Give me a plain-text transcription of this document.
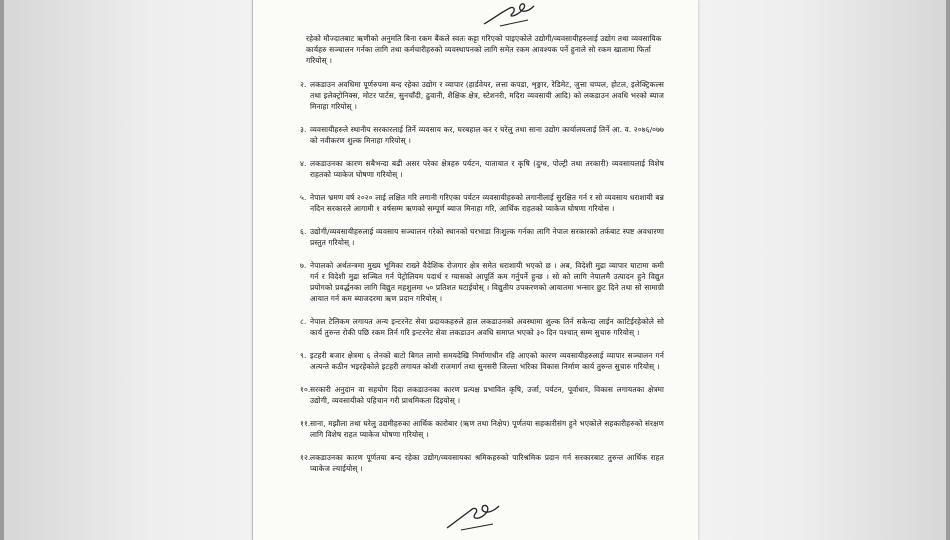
रहेको मौज्दातबाट ऋणीको अनुमति बिना रकम बैंकले स्वतः कट्टा गरिएको पाइएकोले उद्योगी/व्यवसायीहरुलाई उद्योग तथा व्यवसायिक कार्यहरु सञ्चालन गर्नका लागि तथा कर्मचारीहरुको व्यवस्थापनको लागि समेत रकम आवश्यक पर्ने हुनाले सो रकम खातामा फिर्ता गरियोस् ।
२. लकडाउन अवधिमा पूर्णरुपमा बन्द रहेका उद्योग र व्यापार (हार्डवेयर, लत्ता कपडा, शृङ्गार, रेडिमेट, जुत्ता चप्पल, होटल, इलेक्ट्रिकल्स तथा इलेक्ट्रोनिक्स, मोटर पार्टस, सुनचाँदी, ढुवानी, शैक्षिक क्षेत्र, स्टेशनरी, मदिरा व्यवसायी आदि) को लकडाउन अवधि भरको ब्याज मिनाहा गरियोस् ।
३. व्यवसायीहरुले स्थानीय सरकारलाई तिर्ने व्यवसाय कर, घरबहाल कर र घरेलु तथा साना उद्योग कार्यालयलाई तिर्ने आ. व. २०७६/०७७ को नवीकरण शुल्क मिनाहा गरियोस् ।
४. लकडाउनका कारण सबैभन्दा बढी असर परेका क्षेत्रहरु पर्यटन, यातायात र कृषि (दुग्ध, पोल्ट्री तथा तरकारी) व्यवसायलाई विशेष राहतको प्याकेज घोषणा गरियोस् ।
५. नेपाल भ्रमण वर्ष २०२० लाई लक्षित गरि लगानी गरिएका पर्यटन व्यवसायीहरुको लगानीलाई सुरक्षित गर्न र सो व्यवसाय धराशायी बन्न नदिन सरकारले आगामी १ वर्षसम्म ऋणको सम्पूर्ण ब्याज मिनाहा गरि, आर्थिक राहतको प्याकेज घोषणा गरियोस ।
६. उद्योगी/व्यवसायीहरुलाई व्यवसाय सञ्चालन गरेको स्थानको घरभाडा निःशुल्क गर्नका लागि नेपाल सरकारको तर्फबाट स्पष्ट अवधारणा प्रस्तुत गरियोस् ।
७. नेपालको अर्थतन्त्रमा मुख्य भूमिका राख्ने वैदेशिक रोजगार क्षेत्र समेत धराशायी भएको छ । अब, विदेशी मुद्रा व्यापार घाटामा कमी गर्न र विदेशी मुद्रा सञ्चित गर्न पेट्रोलियम पदार्थ र ग्यासको आपूर्ति कम गर्नुपर्ने हुन्छ । सो को लागि नेपालमै उत्पादन हुने विद्युत प्रयोगको प्रवर्द्धनका लागि विद्युत महशुलमा ५० प्रतिशत घटाईयोस् । विद्युतीय उपकरणको आयातमा भन्सार छुट दिने तथा सो सामाग्री आयात गर्न कम ब्याजदरमा ऋण प्रदान गरियोस् ।
८. नेपाल टेलिकम लगायत अन्य इन्टरनेट सेवा प्रदायकहरुले हाल लकडाउनको अवस्थामा शुल्क तिर्न सकेन्दा लाईन काटिईरहेकोले सो कार्य तुरुन्त रोकी पछि रकम तिर्न गरि इन्टरनेट सेवा लकडाउन अवधि समाप्त भएको ३० दिन पश्चात् सम्म सुचारु गरियोस् ।
९. इटहरी बजार क्षेत्रमा ६ लेनको बाटो बिगत लामो समयदेखि निर्माणाधीन रहि आएको कारण व्यवसायीहरुलाई व्यापार सञ्चालन गर्न अत्यन्ते कठीन भइरहेकोले इटहरी लगायत कोशी राजमार्ग तथा सुनसरी जिल्ला भरिका विकास निर्माण कार्य तुरुन्त सुचारु गरियोस् ।
१०. सरकारी अनुदान वा सहयोग दिदा लकडाउनका कारण प्रत्यक्ष प्रभावित कृषि, उर्जा, पर्यटन, पूर्वाधार, विकास लगायतका क्षेत्रमा उद्योगी, व्यवसायीको पहिचान गरी प्राथमिकता दिइयोस् ।
११. साना, मझौला तथा घरेलु उद्यमीहरुका आर्थिक कारोबार (ऋण तथा निक्षेप) पूर्णतया सहकारीसंग हुने भएकोले सहकारीहरुको संरक्षण लागि विशेष राहत प्याकेज घोषणा गरियोस् ।
१२. लकडाउनका कारण पूर्णतया बन्द रहेका उद्योग/व्यवसायका श्रमिकहरुको पारिश्रमिक प्रदान गर्न सरकारबाट तुरुन्त आर्थिक राहत प्याकेज ल्याईयोस् ।
